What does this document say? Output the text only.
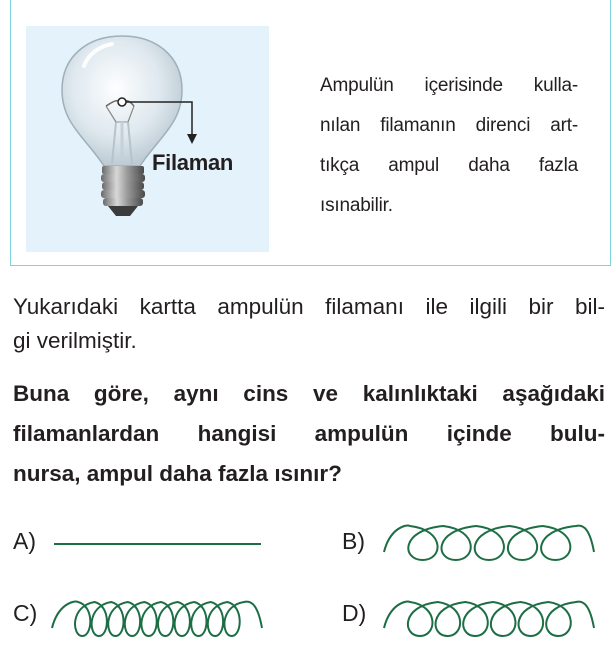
Filaman
Ampulün içerisinde kulla-
nılan filamanın direnci art-
tıkça ampul daha fazla
ısınabilir.
Yukarıdaki kartta ampulün filamanı ile ilgili bir bil-
gi verilmiştir.
Buna göre, aynı cins ve kalınlıktaki aşağıdaki
filamanlardan hangisi ampulün içinde bulu-
nursa, ampul daha fazla ısınır?
A)	B)
C)	D)
